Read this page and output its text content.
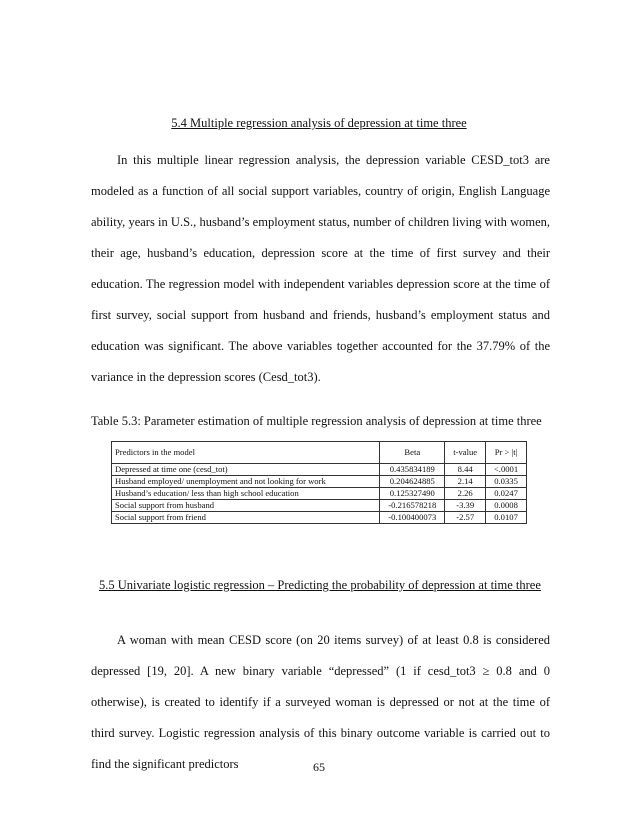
5.4 Multiple regression analysis of depression at time three

In this multiple linear regression analysis, the depression variable CESD_tot3 are modeled as a function of all social support variables, country of origin, English Language ability, years in U.S., husband’s employment status, number of children living with women, their age, husband’s education, depression score at the time of first survey and their education. The regression model with independent variables depression score at the time of first survey, social support from husband and friends, husband’s employment status and education was significant. The above variables together accounted for the 37.79% of the variance in the depression scores (Cesd_tot3).

Table 5.3: Parameter estimation of multiple regression analysis of depression at time three
Predictors in the model	Beta	t-value	Pr > |t|
Depressed at time one (cesd_tot)	0.435834189	8.44	<.0001
Husband employed/ unemployment and not looking for work	0.204624885	2.14	0.0335
Husband’s education/ less than high school education	0.125327490	2.26	0.0247
Social support from husband	-0.216578218	-3.39	0.0008
Social support from friend	-0.100400073	-2.57	0.0107
5.5 Univariate logistic regression – Predicting the probability of depression at time three

A woman with mean CESD score (on 20 items survey) of at least 0.8 is considered depressed [19, 20]. A new binary variable “depressed” (1 if cesd_tot3 ≥ 0.8 and 0 otherwise), is created to identify if a surveyed woman is depressed or not at the time of third survey. Logistic regression analysis of this binary outcome variable is carried out to find the significant predictors	65
